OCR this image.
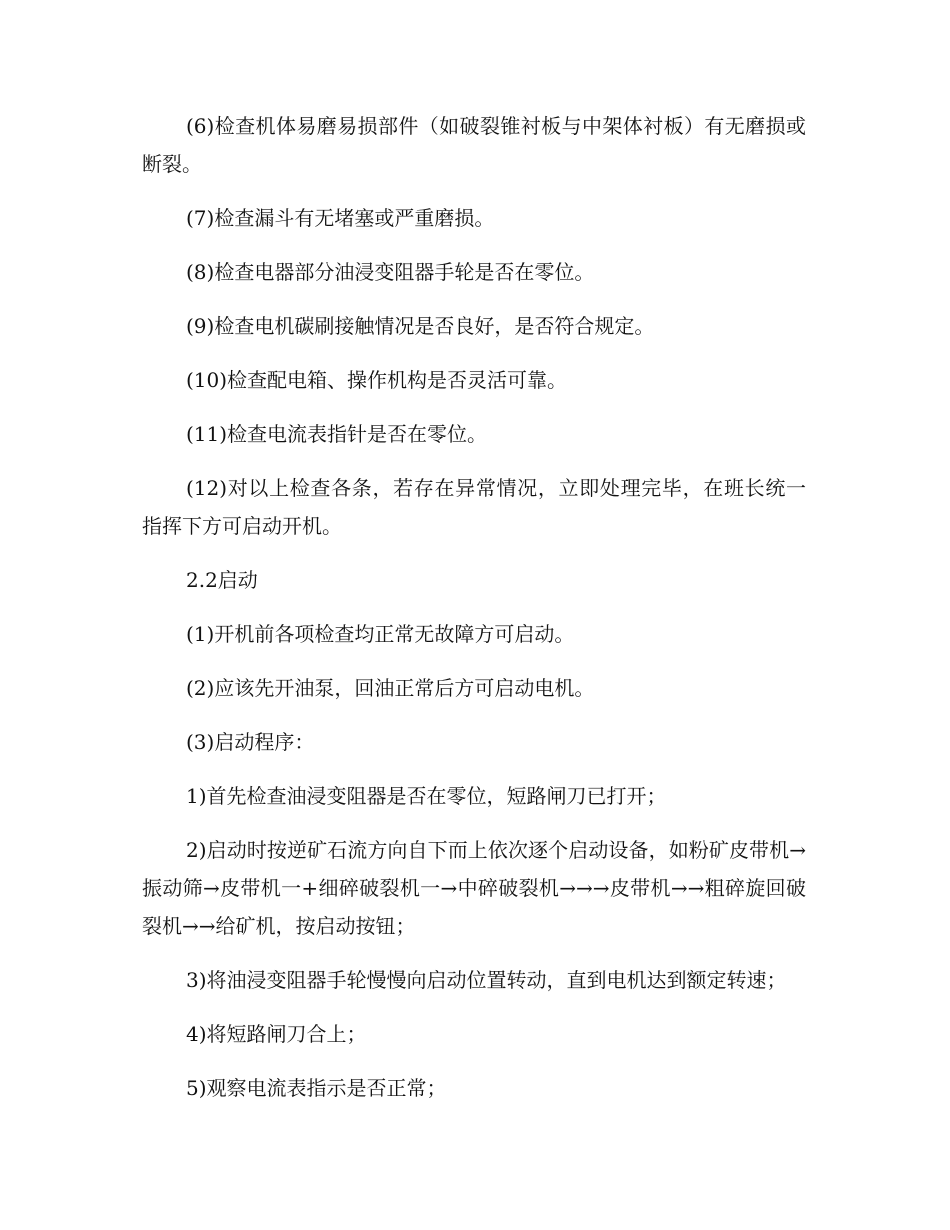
(6)检查机体易磨易损部件（如破裂锥衬板与中架体衬板）有无磨损或断裂。

(7)检查漏斗有无堵塞或严重磨损。

(8)检查电器部分油浸变阻器手轮是否在零位。

(9)检查电机碳刷接触情况是否良好，是否符合规定。

(10)检查配电箱、操作机构是否灵活可靠。

(11)检查电流表指针是否在零位。

(12)对以上检查各条，若存在异常情况，立即处理完毕，在班长统一指挥下方可启动开机。

2.2启动

(1)开机前各项检查均正常无故障方可启动。

(2)应该先开油泵，回油正常后方可启动电机。

(3)启动程序：

1)首先检查油浸变阻器是否在零位，短路闸刀已打开；

2)启动时按逆矿石流方向自下而上依次逐个启动设备，如粉矿皮带机→振动筛→皮带机一+细碎破裂机一→中碎破裂机→→→皮带机→→粗碎旋回破裂机→→给矿机，按启动按钮；

3)将油浸变阻器手轮慢慢向启动位置转动，直到电机达到额定转速；

4)将短路闸刀合上；

5)观察电流表指示是否正常；
